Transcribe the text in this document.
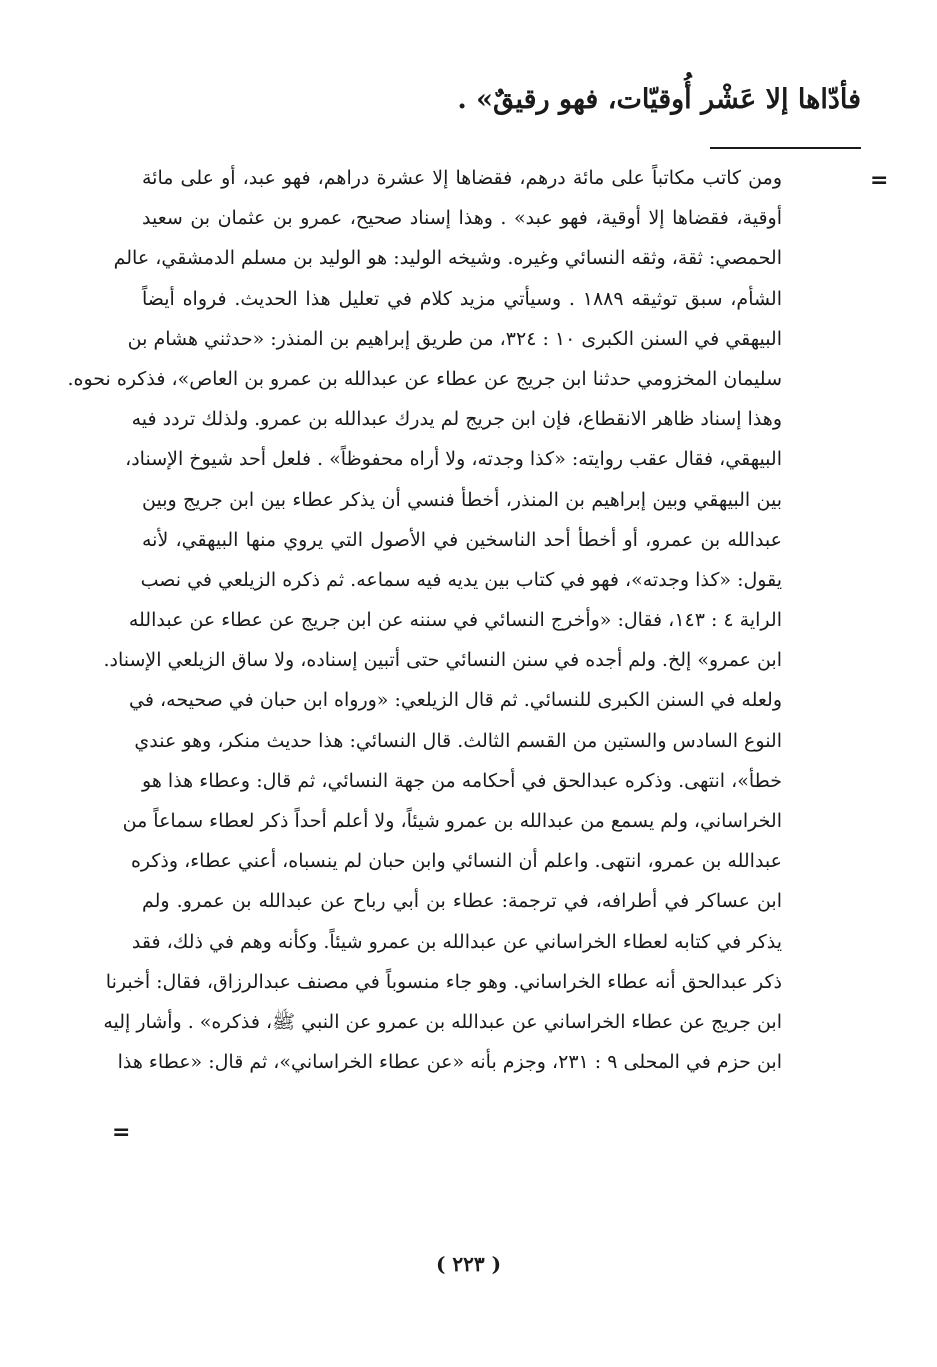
فأدّاها إلا عَشْر أُوقيّات، فهو رقيقٌ» .
=
ومن كاتب مكاتباً على مائة درهم، فقضاها إلا عشرة دراهم، فهو عبد، أو على مائة
أوقية، فقضاها إلا أوقية، فهو عبد» . وهذا إسناد صحيح، عمرو بن عثمان بن سعيد
الحمصي: ثقة، وثقه النسائي وغيره. وشيخه الوليد: هو الوليد بن مسلم الدمشقي، عالم
الشأم، سبق توثيقه ١٨٨٩ . وسيأتي مزيد كلام في تعليل هذا الحديث. فرواه أيضاً
البيهقي في السنن الكبرى ١٠ : ٣٢٤، من طريق إبراهيم بن المنذر: «حدثني هشام بن
سليمان المخزومي حدثنا ابن جريج عن عطاء عن عبدالله بن عمرو بن العاص»، فذكره نحوه.
وهذا إسناد ظاهر الانقطاع، فإن ابن جريج لم يدرك عبدالله بن عمرو. ولذلك تردد فيه
البيهقي، فقال عقب روايته: «كذا وجدته، ولا أراه محفوظاً» . فلعل أحد شيوخ الإسناد،
بين البيهقي وبين إبراهيم بن المنذر، أخطأ فنسي أن يذكر عطاء بين ابن جريج وبين
عبدالله بن عمرو، أو أخطأ أحد الناسخين في الأصول التي يروي منها البيهقي، لأنه
يقول: «كذا وجدته»، فهو في كتاب بين يديه فيه سماعه. ثم ذكره الزيلعي في نصب
الراية ٤ : ١٤٣، فقال: «وأخرج النسائي في سننه عن ابن جريج عن عطاء عن عبدالله
ابن عمرو» إلخ. ولم أجده في سنن النسائي حتى أتبين إسناده، ولا ساق الزيلعي الإسناد.
ولعله في السنن الكبرى للنسائي. ثم قال الزيلعي: «ورواه ابن حبان في صحيحه، في
النوع السادس والستين من القسم الثالث. قال النسائي: هذا حديث منكر، وهو عندي
خطأ»، انتهى. وذكره عبدالحق في أحكامه من جهة النسائي، ثم قال: وعطاء هذا هو
الخراساني، ولم يسمع من عبدالله بن عمرو شيئاً، ولا أعلم أحداً ذكر لعطاء سماعاً من
عبدالله بن عمرو، انتهى. واعلم أن النسائي وابن حبان لم ينسباه، أعني عطاء، وذكره
ابن عساكر في أطرافه، في ترجمة: عطاء بن أبي رباح عن عبدالله بن عمرو. ولم
يذكر في كتابه لعطاء الخراساني عن عبدالله بن عمرو شيئاً. وكأنه وهم في ذلك، فقد
ذكر عبدالحق أنه عطاء الخراساني. وهو جاء منسوباً في مصنف عبدالرزاق، فقال: أخبرنا
ابن جريج عن عطاء الخراساني عن عبدالله بن عمرو عن النبي ﷺ، فذكره» . وأشار إليه
ابن حزم في المحلى ٩ : ٢٣١، وجزم بأنه «عن عطاء الخراساني»، ثم قال: «عطاء هذا
=
( ٢٢٣ )
